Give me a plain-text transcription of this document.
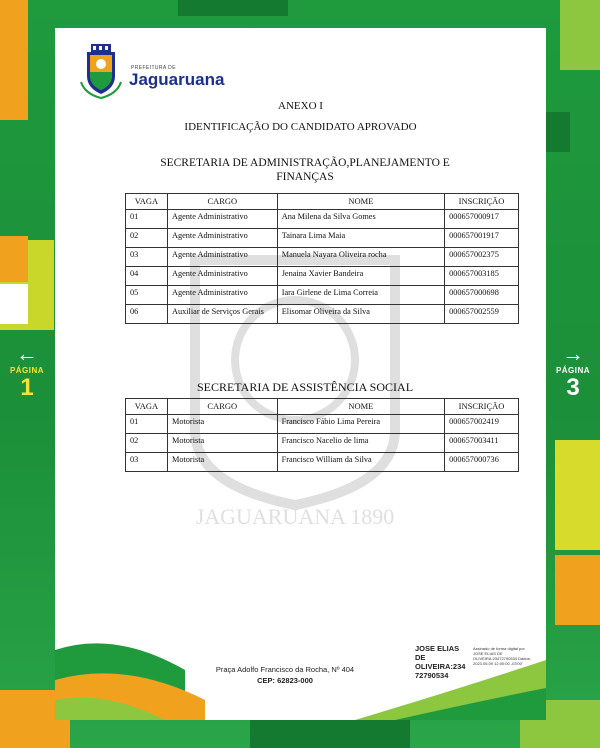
←
PÁGINA
1
→
PÁGINA
3
PREFEITURA DE
Jaguaruana
JAGUARUANA 1890
ANEXO I
IDENTIFICAÇÃO DO CANDIDATO APROVADO
SECRETARIA DE ADMINISTRAÇÃO,PLANEJAMENTO E
FINANÇAS
VAGA	CARGO	NOME	INSCRIÇÃO
01	Agente Administrativo	Ana Milena da Silva Gomes	000657000917
02	Agente Administrativo	Tainara Lima Maia	000657001917
03	Agente Administrativo	Manuela Nayara Oliveira rocha	000657002375
04	Agente Administrativo	Jenaina Xavier Bandeira	000657003185
05	Agente Administrativo	Iara Girlene de Lima Correia	000657000698
06	Auxiliar de Serviços Gerais	Elisomar Oliveira da Silva	000657002559
SECRETARIA DE ASSISTÊNCIA SOCIAL
VAGA	CARGO	NOME	INSCRIÇÃO
01	Motorista	Francisco Fábio Lima Pereira	000657002419
02	Motorista	Francisco Nacelio de lima	000657003411
03	Motorista	Francisco William da Silva	000657000736
Praça Adolfo Francisco da Rocha, Nº 404
CEP: 62823-000
JOSE ELIAS DE OLIVEIRA:234 72790534
Assinado de forma digital por JOSE ELIAS DE OLIVEIRA:23472790534 Dados: 2023.05.09 12:00:00 -03'00'
